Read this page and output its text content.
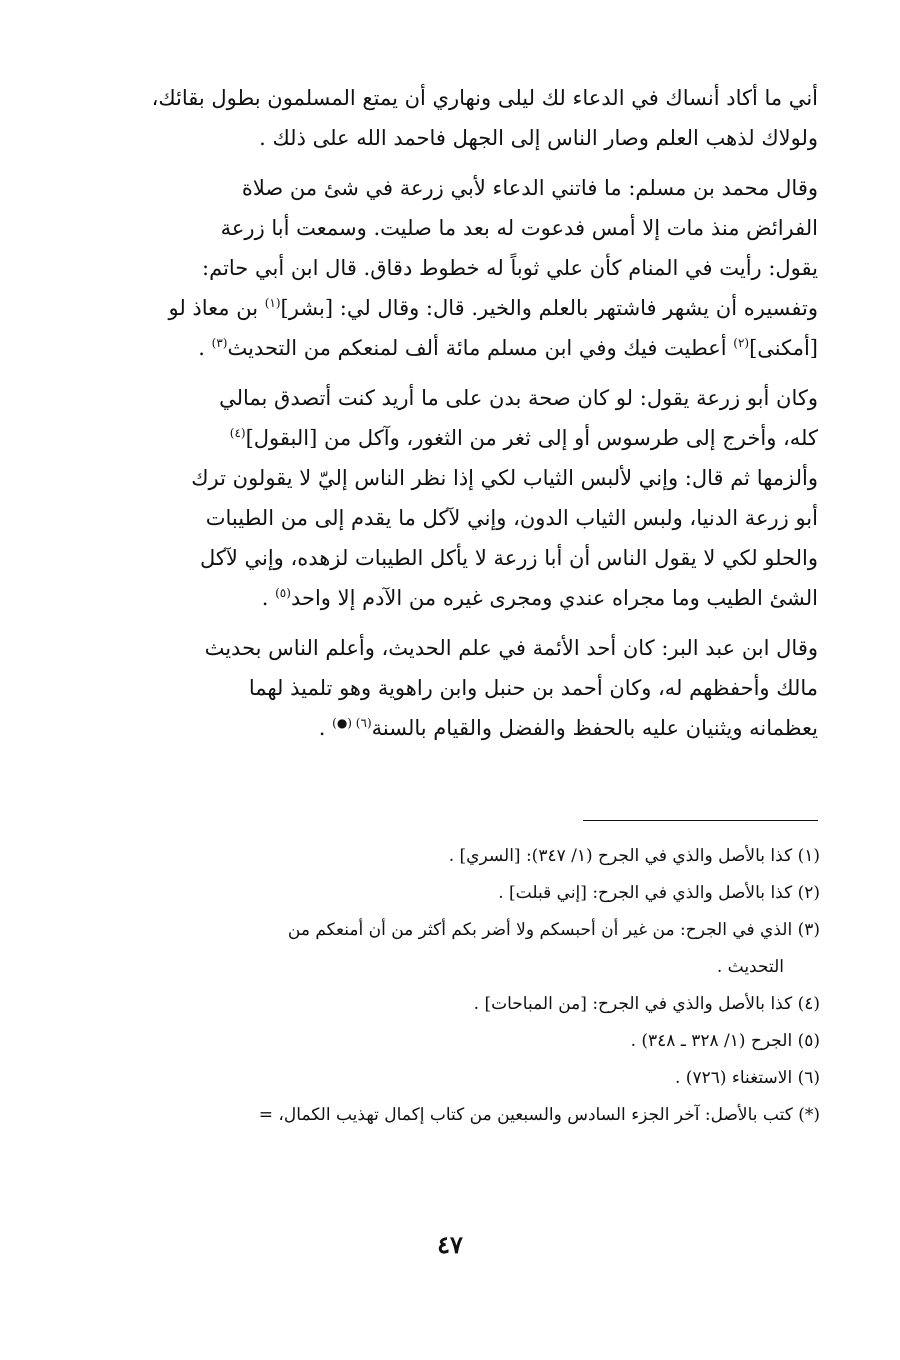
أني ما أكاد أنساك في الدعاء لك ليلى ونهاري أن يمتع المسلمون بطول بقائك،
ولولاك لذهب العلم وصار الناس إلى الجهل فاحمد الله على ذلك .

وقال محمد بن مسلم: ما فاتني الدعاء لأبي زرعة في شئ من صلاة
الفرائض منذ مات إلا أمس فدعوت له بعد ما صليت. وسمعت أبا زرعة
يقول: رأيت في المنام كأن علي ثوباً له خطوط دقاق. قال ابن أبي حاتم:
وتفسيره أن يشهر فاشتهر بالعلم والخير. قال: وقال لي: [بشر]$^{(١)}$ بن معاذ لو
[أمكنى]$^{(٢)}$ أعطيت فيك وفي ابن مسلم مائة ألف لمنعكم من التحديث$^{(٣)}$ .

وكان أبو زرعة يقول: لو كان صحة بدن على ما أريد كنت أتصدق بمالي
كله، وأخرج إلى طرسوس أو إلى ثغر من الثغور، وآكل من [البقول]$^{(٤)}$
وألزمها ثم قال: وإني لألبس الثياب لكي إذا نظر الناس إليّ لا يقولون ترك
أبو زرعة الدنيا، ولبس الثياب الدون، وإني لآكل ما يقدم إلى من الطيبات
والحلو لكي لا يقول الناس أن أبا زرعة لا يأكل الطيبات لزهده، وإني لآكل
الشئ الطيب وما مجراه عندي ومجرى غيره من الآدم إلا واحد$^{(٥)}$ .

وقال ابن عبد البر: كان أحد الأئمة في علم الحديث، وأعلم الناس بحديث
مالك وأحفظهم له، وكان أحمد بن حنبل وابن راهوية وهو تلميذ لهما
يعظمانه ويثنيان عليه بالحفظ والفضل والقيام بالسنة$^{(٦) (●)}$ .

(١) كذا بالأصل والذي في الجرح (١/ ٣٤٧): [السري] .

(٢) كذا بالأصل والذي في الجرح: [إني قبلت] .

(٣) الذي في الجرح: من غير أن أحبسكم ولا أضر بكم أكثر من أن أمنعكم من
التحديث .

(٤) كذا بالأصل والذي في الجرح: [من المباحات] .

(٥) الجرح (١/ ٣٢٨ ـ ٣٤٨) .

(٦) الاستغناء (٧٢٦) .

(*) كتب بالأصل: آخر الجزء السادس والسبعين من كتاب إكمال تهذيب الكمال، =

٤٧
